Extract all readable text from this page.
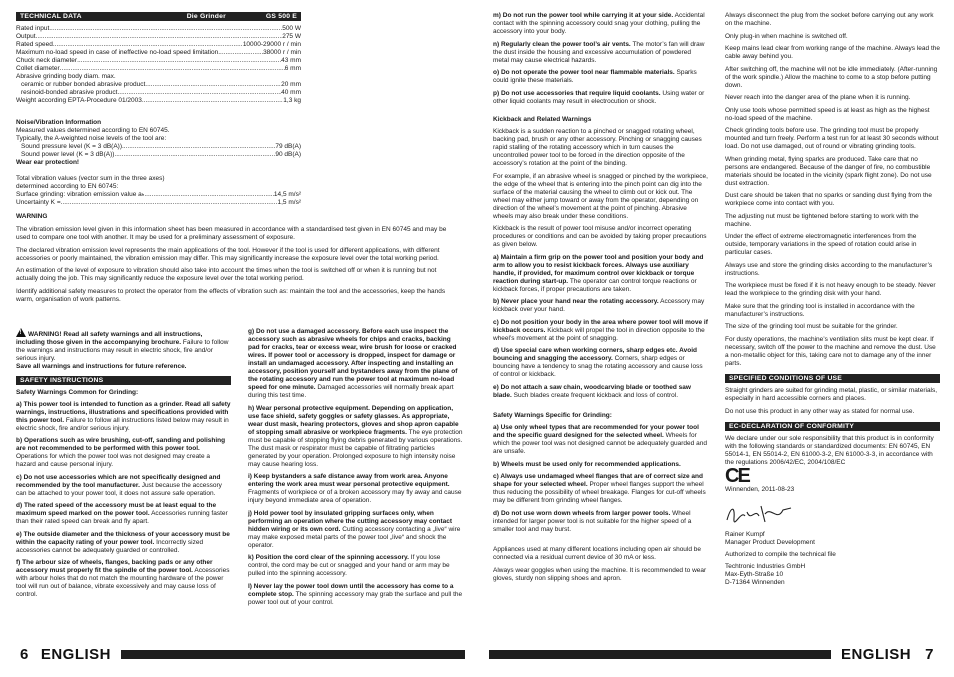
TECHNICAL DATA	Die Grinder	GS 500 E
Rated input .....	500 W
Output .....	275 W
Rated speed .....	10000-29000 r / min
Maximum no-load speed in case of ineffective no-load speed limitation .....	38000 r / min
Chuck neck diameter .....	43 mm
Collet diameter .....	6 mm
Abrasive grinding body diam. max.
ceramic or rubber bonded abrasive product .....	20 mm
resinoid-bonded abrasive product .....	40 mm
Weight according EPTA-Procedure 01/2003 .....	1,3 kg
Noise/Vibration Information
Measured values determined according to EN 60745.
Typically, the A-weighted noise levels of the tool are:
Sound pressure level (K = 3 dB(A)) .....	79 dB(A)
Sound power level (K = 3 dB(A)) .....	90 dB(A)
Wear ear protection!
Total vibration values (vector sum in the three axes)
determined according to EN 60745:
Surface grinding: vibration emission value aₕ .....	14,5 m/s²
Uncertainty K = .....	1,5 m/s²
WARNING

The vibration emission level given in this information sheet has been measured in accordance with a standardised test given in EN 60745 and may be used to compare one tool with another. It may be used for a preliminary assessment of exposure.

The declared vibration emission level represents the main applications of the tool. However if the tool is used for different applications, with different accessories or poorly maintained, the vibration emission may differ. This may significantly increase the exposure level over the total working period.

An estimation of the level of exposure to vibration should also take into account the times when the tool is switched off or when it is running but not actually doing the job. This may significantly reduce the exposure level over the total working period.

Identify additional safety measures to protect the operator from the effects of vibration such as: maintain the tool and the accessories, keep the hands warm, organisation of work patterns.

!WARNING! Read all safety warnings and all instructions, including those given in the accompanying brochure. Failure to follow the warnings and instructions may result in electric shock, fire and/or serious injury.
Save all warnings and instructions for future reference.

SAFETY INSTRUCTIONS
Safety Warnings Common for Grinding:

a) This power tool is intended to function as a grinder. Read all safety warnings, instructions, illustrations and specifications provided with this power tool. Failure to follow all instructions listed below may result in electric shock, fire and/or serious injury.

b) Operations such as wire brushing, cut-off, sanding and polishing are not recommended to be performed with this power tool. Operations for which the power tool was not designed may create a hazard and cause personal injury.

c) Do not use accessories which are not specifically designed and recommended by the tool manufacturer. Just because the accessory can be attached to your power tool, it does not assure safe operation.

d) The rated speed of the accessory must be at least equal to the maximum speed marked on the power tool. Accessories running faster than their rated speed can break and fly apart.

e) The outside diameter and the thickness of your accessory must be within the capacity rating of your power tool. Incorrectly sized accessories cannot be adequately guarded or controlled.

f) The arbour size of wheels, flanges, backing pads or any other accessory must properly fit the spindle of the power tool. Accessories with arbour holes that do not match the mounting hardware of the power tool will run out of balance, vibrate excessively and may cause loss of control.

g) Do not use a damaged accessory. Before each use inspect the accessory such as abrasive wheels for chips and cracks, backing pad for cracks, tear or excess wear, wire brush for loose or cracked wires. If power tool or accessory is dropped, inspect for damage or install an undamaged accessory. After inspecting and installing an accessory, position yourself and bystanders away from the plane of the rotating accessory and run the power tool at maximum no-load speed for one minute. Damaged accessories will normally break apart during this test time.

h) Wear personal protective equipment. Depending on application, use face shield, safety goggles or safety glasses. As appropriate, wear dust mask, hearing protectors, gloves and shop apron capable of stopping small abrasive or workpiece fragments. The eye protection must be capable of stopping flying debris generated by various operations. The dust mask or respirator must be capable of filtrating particles generated by your operation. Prolonged exposure to high intensity noise may cause hearing loss.

i) Keep bystanders a safe distance away from work area. Anyone entering the work area must wear personal protective equipment. Fragments of workpiece or of a broken accessory may fly away and cause injury beyond immediate area of operation.

j) Hold power tool by insulated gripping surfaces only, when performing an operation where the cutting accessory may contact hidden wiring or its own cord. Cutting accessory contacting a „live“ wire may make exposed metal parts of the power tool „live“ and shock the operator.

k) Position the cord clear of the spinning accessory. If you lose control, the cord may be cut or snagged and your hand or arm may be pulled into the spinning accessory.

l) Never lay the power tool down until the accessory has come to a complete stop. The spinning accessory may grab the surface and pull the power tool out of your control.

m) Do not run the power tool while carrying it at your side. Accidental contact with the spinning accessory could snag your clothing, pulling the accessory into your body.

n) Regularly clean the power tool’s air vents. The motor’s fan will draw the dust inside the housing and excessive accumulation of powdered metal may cause electrical hazards.

o) Do not operate the power tool near flammable materials. Sparks could ignite these materials.

p) Do not use accessories that require liquid coolants. Using water or other liquid coolants may result in electrocution or shock.

Kickback and Related Warnings

Kickback is a sudden reaction to a pinched or snagged rotating wheel, backing pad, brush or any other accessory. Pinching or snagging causes rapid stalling of the rotating accessory which in turn causes the uncontrolled power tool to be forced in the direction opposite of the accessory’s rotation at the point of the binding.

For example, if an abrasive wheel is snagged or pinched by the workpiece, the edge of the wheel that is entering into the pinch point can dig into the surface of the material causing the wheel to climb out or kick out. The wheel may either jump toward or away from the operator, depending on direction of the wheel’s movement at the point of pinching. Abrasive wheels may also break under these conditions.

Kickback is the result of power tool misuse and/or incorrect operating procedures or conditions and can be avoided by taking proper precautions as given below.

a) Maintain a firm grip on the power tool and position your body and arm to allow you to resist kickback forces. Always use auxiliary handle, if provided, for maximum control over kickback or torque reaction during start-up. The operator can control torque reactions or kickback forces, if proper precautions are taken.

b) Never place your hand near the rotating accessory. Accessory may kickback over your hand.

c) Do not position your body in the area where power tool will move if kickback occurs. Kickback will propel the tool in direction opposite to the wheel’s movement at the point of snagging.

d) Use special care when working corners, sharp edges etc. Avoid bouncing and snagging the accessory. Corners, sharp edges or bouncing have a tendency to snag the rotating accessory and cause loss of control or kickback.

e) Do not attach a saw chain, woodcarving blade or toothed saw blade. Such blades create frequent kickback and loss of control.

Safety Warnings Specific for Grinding:

a) Use only wheel types that are recommended for your power tool and the specific guard designed for the selected wheel. Wheels for which the power tool was not designed cannot be adequately guarded and are unsafe.

b) Wheels must be used only for recommended applications.

c) Always use undamaged wheel flanges that are of correct size and shape for your selected wheel. Proper wheel flanges support the wheel thus reducing the possibility of wheel breakage. Flanges for cut-off wheels may be different from grinding wheel flanges.

d) Do not use worn down wheels from larger power tools. Wheel intended for larger power tool is not suitable for the higher speed of a smaller tool and may burst.

Appliances used at many different locations including open air should be connected via a residual current device of 30 mA or less.

Always wear goggles when using the machine. It is recommended to wear gloves, sturdy non slipping shoes and apron.

Always disconnect the plug from the socket before carrying out any work on the machine.

Only plug-in when machine is switched off.

Keep mains lead clear from working range of the machine. Always lead the cable away behind you.

After switching off, the machine will not be idle immediately. (After-running of the work spindle.) Allow the machine to come to a stop before putting down.

Never reach into the danger area of the plane when it is running.

Only use tools whose permitted speed is at least as high as the highest no-load speed of the machine.

Check grinding tools before use. The grinding tool must be properly mounted and turn freely. Perform a test run for at least 30 seconds without load. Do not use damaged, out of round or vibrating grinding tools.

When grinding metal, flying sparks are produced. Take care that no persons are endangered. Because of the danger of fire, no combustible materials should be located in the vicinity (spark flight zone). Do not use dust extraction.

Dust care should be taken that no sparks or sanding dust flying from the workpiece come into contact with you.

The adjusting nut must be tightened before starting to work with the machine.

Under the effect of extreme electromagnetic interferences from the outside, temporary variations in the speed of rotation could arise in particular cases.

Always use and store the grinding disks according to the manufacturer’s instructions.

The workpiece must be fixed if it is not heavy enough to be steady. Never lead the workpiece to the grinding disk with your hand.

Make sure that the grinding tool is installed in accordance with the manufacturer’s instructions.

The size of the grinding tool must be suitable for the grinder.

For dusty operations, the machine’s ventilation slits must be kept clear. If necessary, switch off the power to the machine and remove the dust. Use a non-metallic object for this, taking care not to damage any of the inner parts.

SPECIFIED CONDITIONS OF USE

Straight grinders are suited for grinding metal, plastic, or similar materials, especially in hard accessible corners and places.

Do not use this product in any other way as stated for normal use.

EC-DECLARATION OF CONFORMITY

We declare under our sole responsibility that this product is in conformity with the following standards or standardized documents: EN 60745, EN 55014-1, EN 55014-2, EN 61000-3-2, EN 61000-3-3, in accordance with the regulations 2006/42/EC, 2004/108/EC

CE
Winnenden, 2011-08-23
Rainer Kumpf
Manager Product Development
Authorized to compile the technical file
Techtronic Industries GmbH
Max-Eyth-Straße 10
D-71364 Winnenden
6 ENGLISH	ENGLISH 7
